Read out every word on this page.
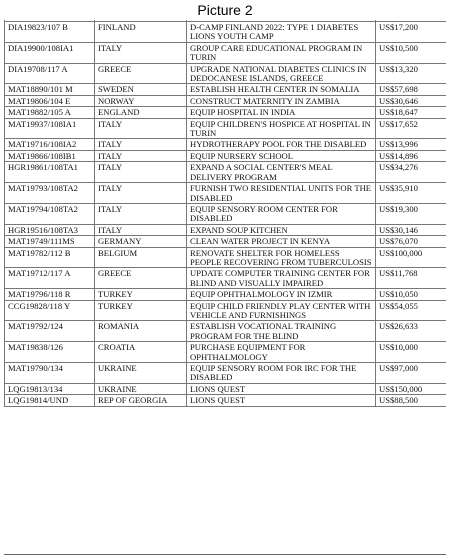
Picture 2

DIA19823/107 B	FINLAND	D-CAMP FINLAND 2022: TYPE 1 DIABETES LIONS YOUTH CAMP	US$17,200
DIA19900/108IA1	ITALY	GROUP CARE EDUCATIONAL PROGRAM IN TURIN	US$10,500
DIA19708/117 A	GREECE	UPGRADE NATIONAL DIABETES CLINICS IN DEDOCANESE ISLANDS, GREECE	US$13,320
MAT18890/101 M	SWEDEN	ESTABLISH HEALTH CENTER IN SOMALIA	US$57,698
MAT19806/104 E	NORWAY	CONSTRUCT MATERNITY IN ZAMBIA	US$30,646
MAT19882/105 A	ENGLAND	EQUIP HOSPITAL IN INDIA	US$18,647
MAT19937/108IA1	ITALY	EQUIP CHILDREN'S HOSPICE AT HOSPITAL IN TURIN	US$17,652
MAT19716/108IA2	ITALY	HYDROTHERAPY POOL FOR THE DISABLED	US$13,996
MAT19866/108IB1	ITALY	EQUIP NURSERY SCHOOL	US$14,896
HGR19861/108TA1	ITALY	EXPAND A SOCIAL CENTER'S MEAL DELIVERY PROGRAM	US$34,276
MAT19793/108TA2	ITALY	FURNISH TWO RESIDENTIAL UNITS FOR THE DISABLED	US$35,910
MAT19794/108TA2	ITALY	EQUIP SENSORY ROOM CENTER FOR DISABLED	US$19,300
HGR19516/108TA3	ITALY	EXPAND SOUP KITCHEN	US$30,146
MAT19749/111MS	GERMANY	CLEAN WATER PROJECT IN KENYA	US$76,070
MAT19782/112 B	BELGIUM	RENOVATE SHELTER FOR HOMELESS PEOPLE RECOVERING FROM TUBERCULOSIS	US$100,000
MAT19712/117 A	GREECE	UPDATE COMPUTER TRAINING CENTER FOR BLIND AND VISUALLY IMPAIRED	US$11,768
MAT19796/118 R	TURKEY	EQUIP OPHTHALMOLOGY IN IZMIR	US$10,050
CCG19828/118 Y	TURKEY	EQUIP CHILD FRIENDLY PLAY CENTER WITH VEHICLE AND FURNISHINGS	US$54,055
MAT19792/124	ROMANIA	ESTABLISH VOCATIONAL TRAINING PROGRAM FOR THE BLIND	US$26,633
MAT19838/126	CROATIA	PURCHASE EQUIPMENT FOR OPHTHALMOLOGY	US$10,000
MAT19790/134	UKRAINE	EQUIP SENSORY ROOM FOR IRC FOR THE DISABLED	US$97,000
LQG19813/134	UKRAINE	LIONS QUEST	US$150,000
LQG19814/UND	REP OF GEORGIA	LIONS QUEST	US$88,500
